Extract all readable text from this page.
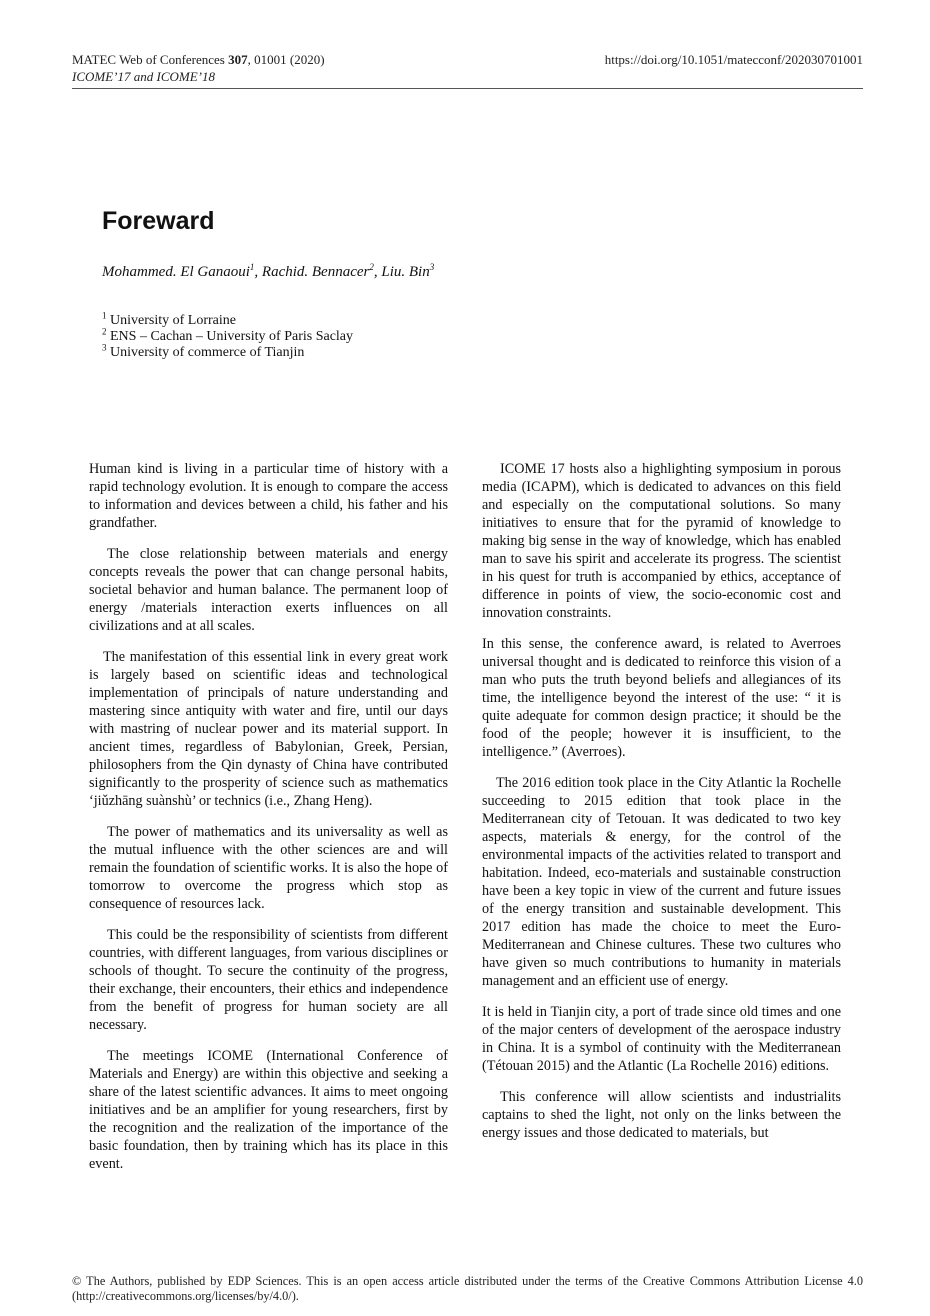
MATEC Web of Conferences 307, 01001 (2020)	https://doi.org/10.1051/matecconf/202030701001
ICOME’17 and ICOME’18
Foreward
Mohammed. El Ganaoui$^1$, Rachid. Bennacer$^2$, Liu. Bin$^3$
$^1$ University of Lorraine
$^2$ ENS – Cachan – University of Paris Saclay
$^3$ University of commerce of Tianjin

Human kind is living in a particular time of history with a rapid technology evolution. It is enough to compare the access to information and devices between a child, his father and his grandfather.

The close relationship between materials and energy concepts reveals the power that can change personal habits, societal behavior and human balance. The permanent loop of energy /materials interaction exerts influences on all civilizations and at all scales.

The manifestation of this essential link in every great work is largely based on scientific ideas and technological implementation of principals of nature understanding and mastering since antiquity with water and fire, until our days with mastring of nuclear power and its material support. In ancient times, regardless of Babylonian, Greek, Persian, philosophers from the Qin dynasty of China have contributed significantly to the prosperity of science such as mathematics ‘jiǔzhāng suànshù’ or technics (i.e., Zhang Heng).

The power of mathematics and its universality as well as the mutual influence with the other sciences are and will remain the foundation of scientific works. It is also the hope of tomorrow to overcome the progress which stop as consequence of resources lack.

This could be the responsibility of scientists from different countries, with different languages, from various disciplines or schools of thought. To secure the continuity of the progress, their exchange, their encounters, their ethics and independence from the benefit of progress for human society are all necessary.

The meetings ICOME (International Conference of Materials and Energy) are within this objective and seeking a share of the latest scientific advances. It aims to meet ongoing initiatives and be an amplifier for young researchers, first by the recognition and the realization of the importance of the basic foundation, then by training which has its place in this event.

ICOME 17 hosts also a highlighting symposium in porous media (ICAPM), which is dedicated to advances on this field and especially on the computational solutions. So many initiatives to ensure that for the pyramid of knowledge to making big sense in the way of knowledge, which has enabled man to save his spirit and accelerate its progress. The scientist in his quest for truth is accompanied by ethics, acceptance of difference in points of view, the socio-economic cost and innovation constraints.

In this sense, the conference award, is related to Averroes universal thought and is dedicated to reinforce this vision of a man who puts the truth beyond beliefs and allegiances of its time, the intelligence beyond the interest of the use: “ it is quite adequate for common design practice; it should be the food of the people; however it is insufficient, to the intelligence.” (Averroes).

The 2016 edition took place in the City Atlantic la Rochelle succeeding to 2015 edition that took place in the Mediterranean city of Tetouan. It was dedicated to two key aspects, materials & energy, for the control of the environmental impacts of the activities related to transport and habitation. Indeed, eco-materials and sustainable construction have been a key topic in view of the current and future issues of the energy transition and sustainable development. This 2017 edition has made the choice to meet the Euro-Mediterranean and Chinese cultures. These two cultures who have given so much contributions to humanity in materials management and an efficient use of energy.

It is held in Tianjin city, a port of trade since old times and one of the major centers of development of the aerospace industry in China. It is a symbol of continuity with the Mediterranean (Tétouan 2015) and the Atlantic (La Rochelle 2016) editions.

This conference will allow scientists and industrialits captains to shed the light, not only on the links between the energy issues and those dedicated to materials, but

© The Authors, published by EDP Sciences. This is an open access article distributed under the terms of the Creative Commons Attribution License 4.0 (http://creativecommons.org/licenses/by/4.0/).
